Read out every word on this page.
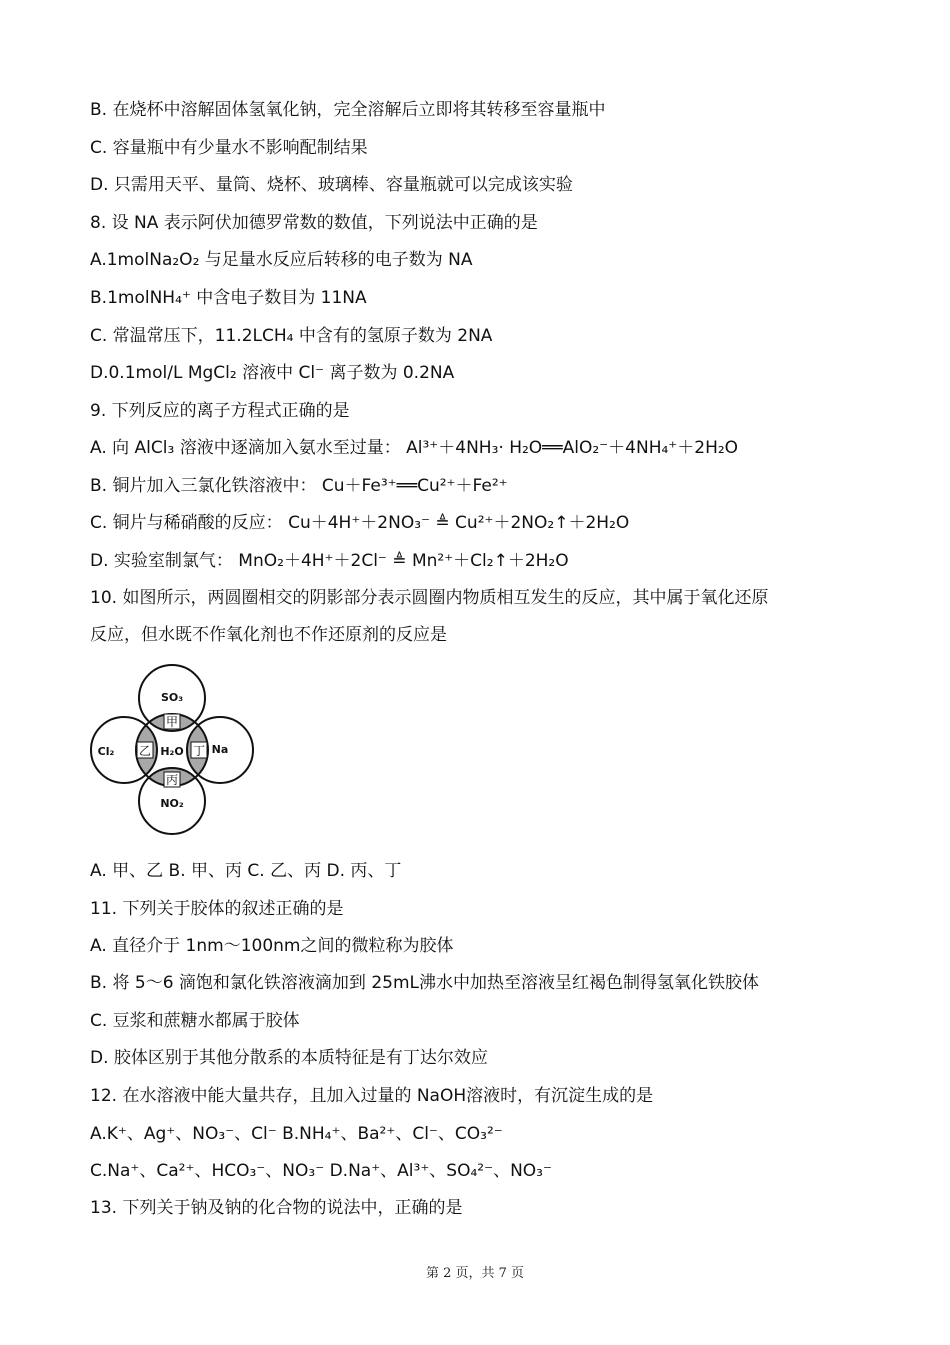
B. 在烧杯中溶解固体氢氧化钠，完全溶解后立即将其转移至容量瓶中
C. 容量瓶中有少量水不影响配制结果
D. 只需用天平、量筒、烧杯、玻璃棒、容量瓶就可以完成该实验
8. 设 NA 表示阿伏加德罗常数的数值，下列说法中正确的是
A.1molNa₂O₂ 与足量水反应后转移的电子数为 NA
B.1molNH₄⁺ 中含电子数目为 11NA
C. 常温常压下，11.2LCH₄ 中含有的氢原子数为 2NA
D.0.1mol/L MgCl₂ 溶液中 Cl⁻ 离子数为 0.2NA
9. 下列反应的离子方程式正确的是
A. 向 AlCl₃ 溶液中逐滴加入氨水至过量： Al³⁺＋4NH₃· H₂O══AlO₂⁻＋4NH₄⁺＋2H₂O
B. 铜片加入三氯化铁溶液中： Cu＋Fe³⁺══Cu²⁺＋Fe²⁺
C. 铜片与稀硝酸的反应： Cu＋4H⁺＋2NO₃⁻ ≜ Cu²⁺＋2NO₂↑＋2H₂O
D. 实验室制氯气： MnO₂＋4H⁺＋2Cl⁻ ≜ Mn²⁺＋Cl₂↑＋2H₂O
10. 如图所示，两圆圈相交的阴影部分表示圆圈内物质相互发生的反应，其中属于氧化还原
反应，但水既不作氧化剂也不作还原剂的反应是
SO₃
Cl₂	H₂O	Na
NO₂
甲
乙	丁
丙
A. 甲、乙 B. 甲、丙 C. 乙、丙 D. 丙、丁
11. 下列关于胶体的叙述正确的是
A. 直径介于 1nm～100nm之间的微粒称为胶体
B. 将 5～6 滴饱和氯化铁溶液滴加到 25mL沸水中加热至溶液呈红褐色制得氢氧化铁胶体
C. 豆浆和蔗糖水都属于胶体
D. 胶体区别于其他分散系的本质特征是有丁达尔效应
12. 在水溶液中能大量共存，且加入过量的 NaOH溶液时，有沉淀生成的是
A.K⁺、Ag⁺、NO₃⁻、Cl⁻ B.NH₄⁺、Ba²⁺、Cl⁻、CO₃²⁻
C.Na⁺、Ca²⁺、HCO₃⁻、NO₃⁻ D.Na⁺、Al³⁺、SO₄²⁻、NO₃⁻
13. 下列关于钠及钠的化合物的说法中，正确的是
第 2 页，共 7 页
